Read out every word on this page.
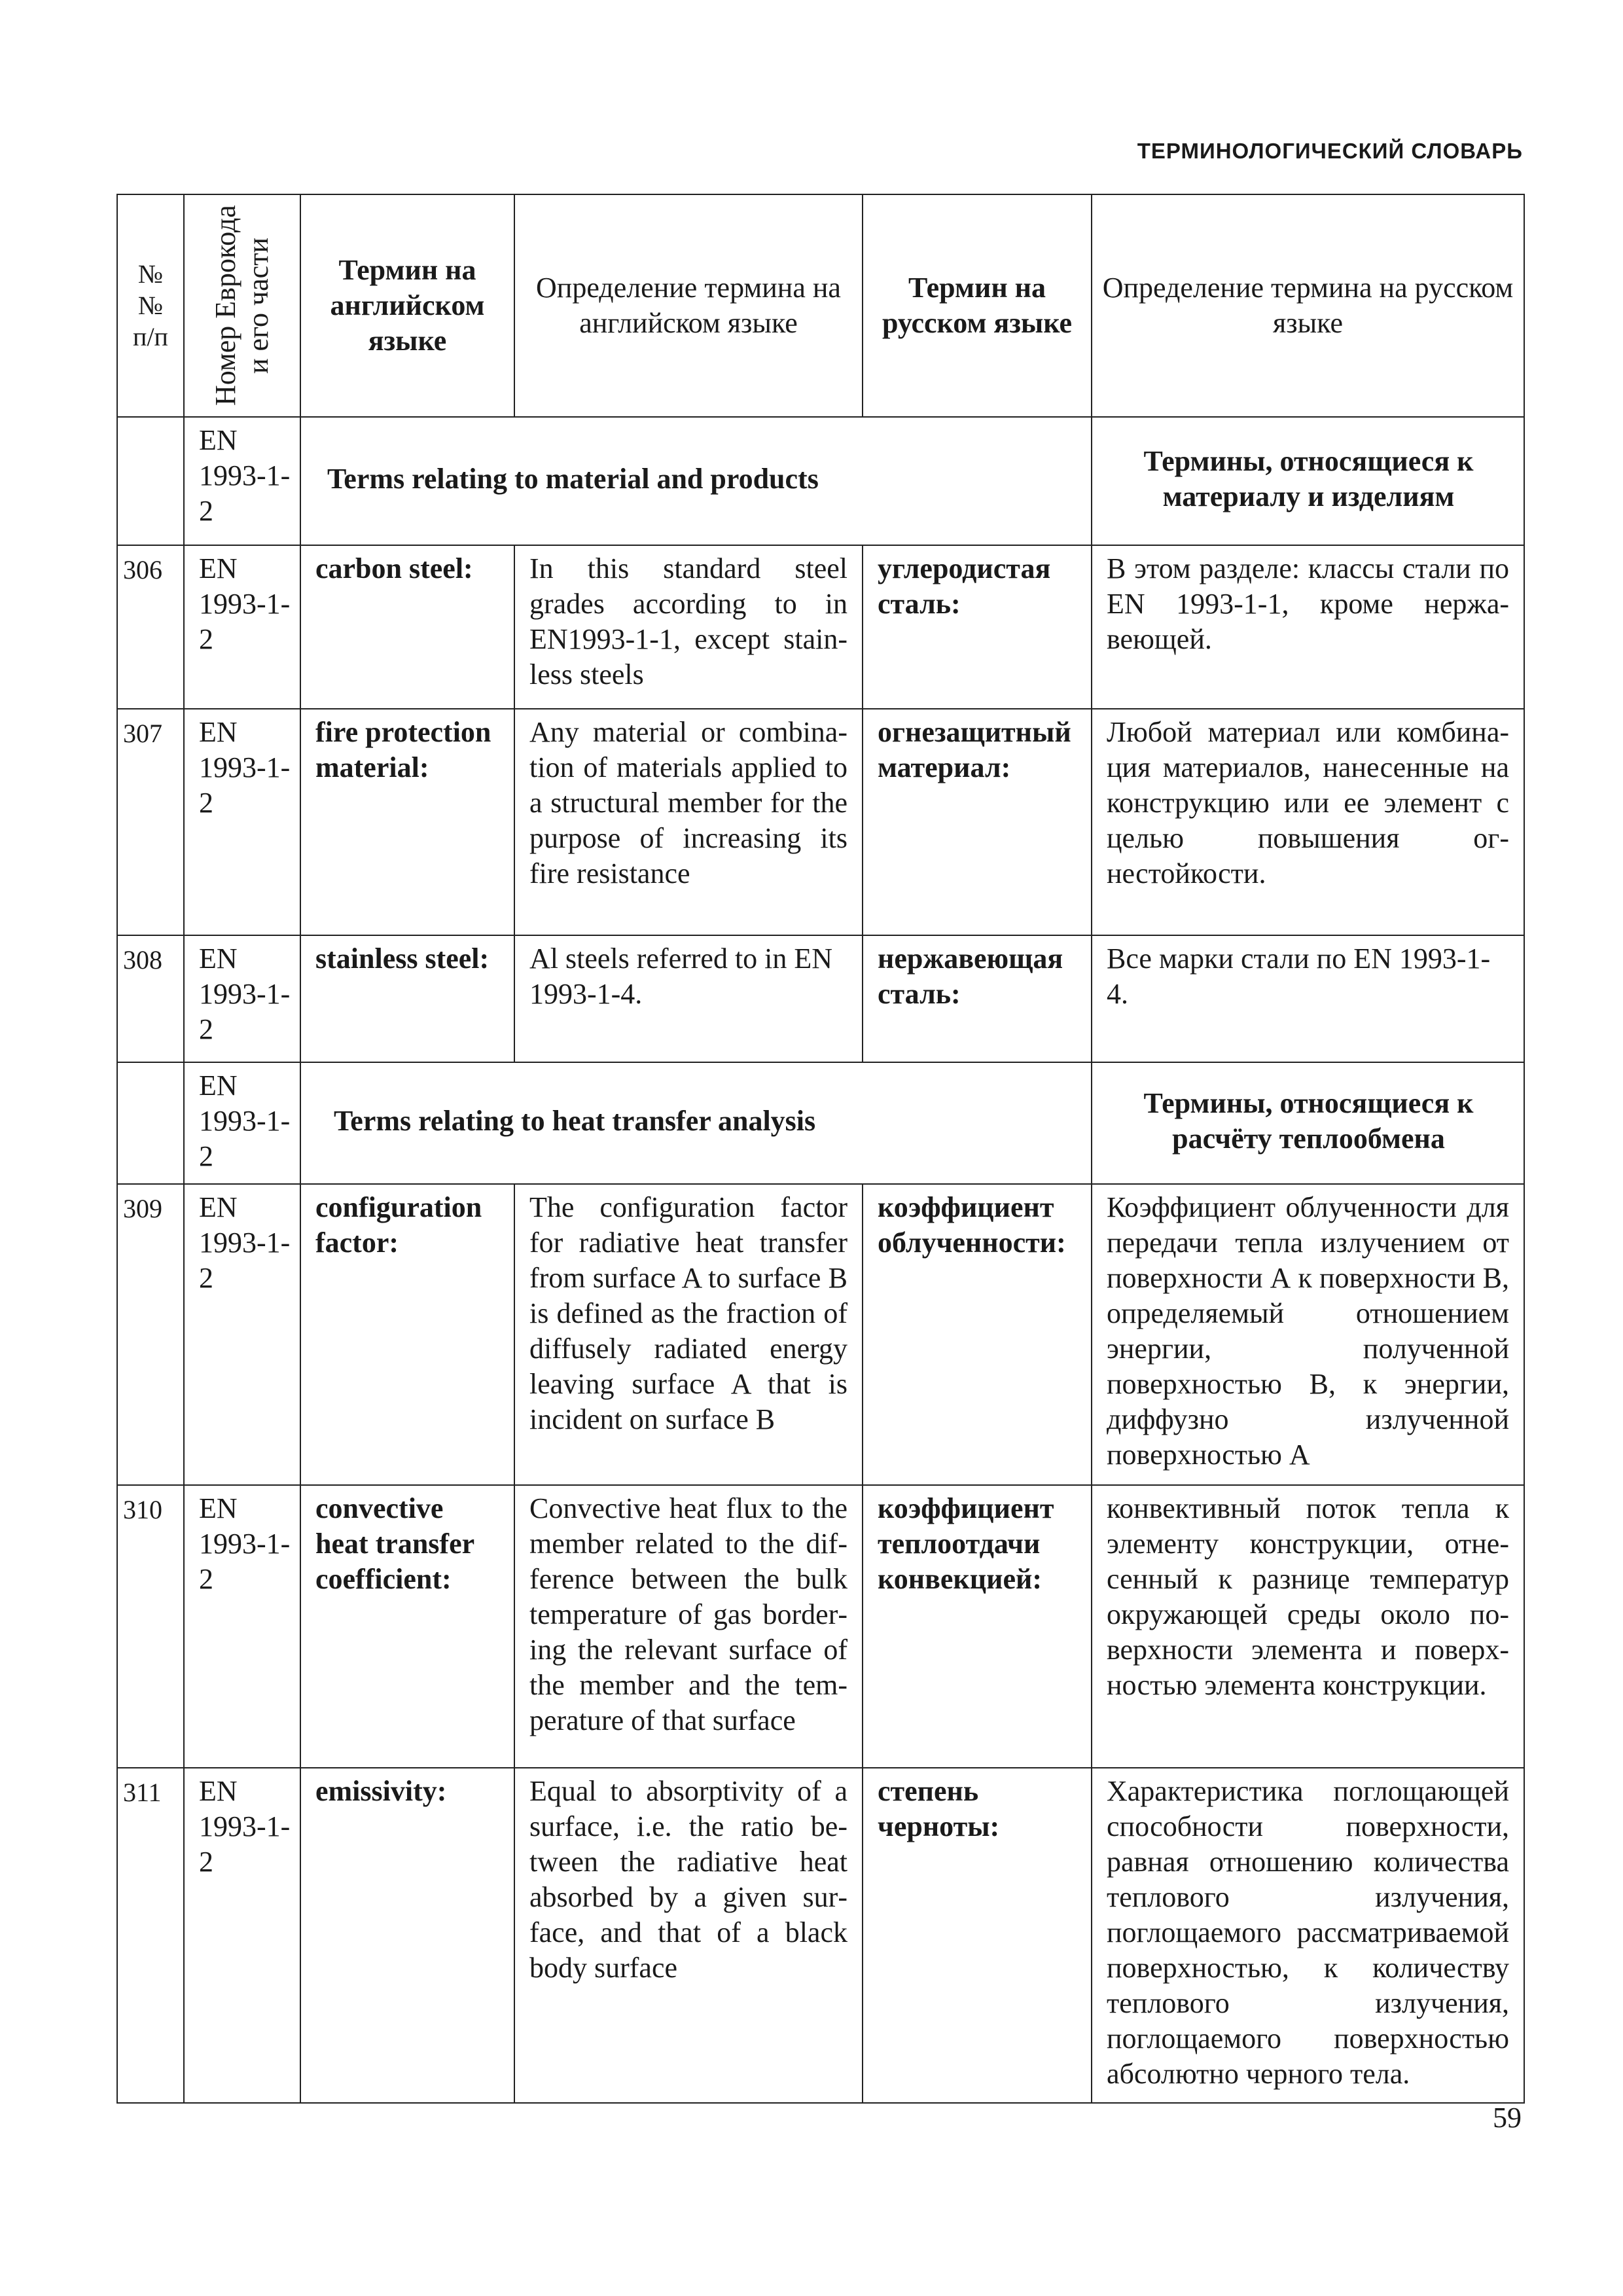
ТЕРМИНОЛОГИЧЕСКИЙ СЛОВАРЬ
№№ п/п	Номер Еврокода и его части	Термин на английском языке	Определение термина на английском языке	Термин на русском языке	Определение термина на русском языке
	EN 1993-1-2	Terms relating to material and products			Термины, относящиеся к материалу и изделиям
306	EN 1993-1-2	carbon steel:	In this standard steel grades according to in EN1993-1-1, except stainless steels	углеродистая сталь:	В этом разделе: классы стали по EN 1993-1-1, кроме нержавеющей.
307	EN 1993-1-2	fire protection material:	Any material or combination of materials applied to a structural member for the purpose of increasing its fire resistance	огнезащитный материал:	Любой материал или комбинация материалов, нанесенные на конструкцию или ее элемент с целью повышения огнестойкости.
308	EN 1993-1-2	stainless steel:	Al steels referred to in EN 1993-1-4.	нержавеющая сталь:	Все марки стали по EN 1993-1-4.
	EN 1993-1-2	Terms relating to heat transfer analysis			Термины, относящиеся к расчёту теплообмена
309	EN 1993-1-2	configuration factor:	The configuration factor for radiative heat transfer from surface A to surface B is defined as the fraction of diffusely radiated energy leaving surface A that is incident on surface B	коэффициент облученности:	Коэффициент облученности для передачи тепла излучением от поверхности А к поверхности В, определяемый отношением энергии, полученной поверхностью В, к энергии, диффузно излученной поверхностью А
310	EN 1993-1-2	convective heat transfer coefficient:	Convective heat flux to the member related to the difference between the bulk temperature of gas bordering the relevant surface of the member and the temperature of that surface	коэффициент теплоотдачи конвекцией:	конвективный поток тепла к элементу конструкции, отнесенный к разнице температур окружающей среды около поверхности элемента и поверхностью элемента конструкции.
311	EN 1993-1-2	emissivity:	Equal to absorptivity of a surface, i.e. the ratio between the radiative heat absorbed by a given surface, and that of a black body surface	степень черноты:	Характеристика поглощающей способности поверхности, равная отношению количества теплового излучения, поглощаемого рассматриваемой поверхностью, к количеству теплового излучения, поглощаемого поверхностью абсолютно черного тела.
59
